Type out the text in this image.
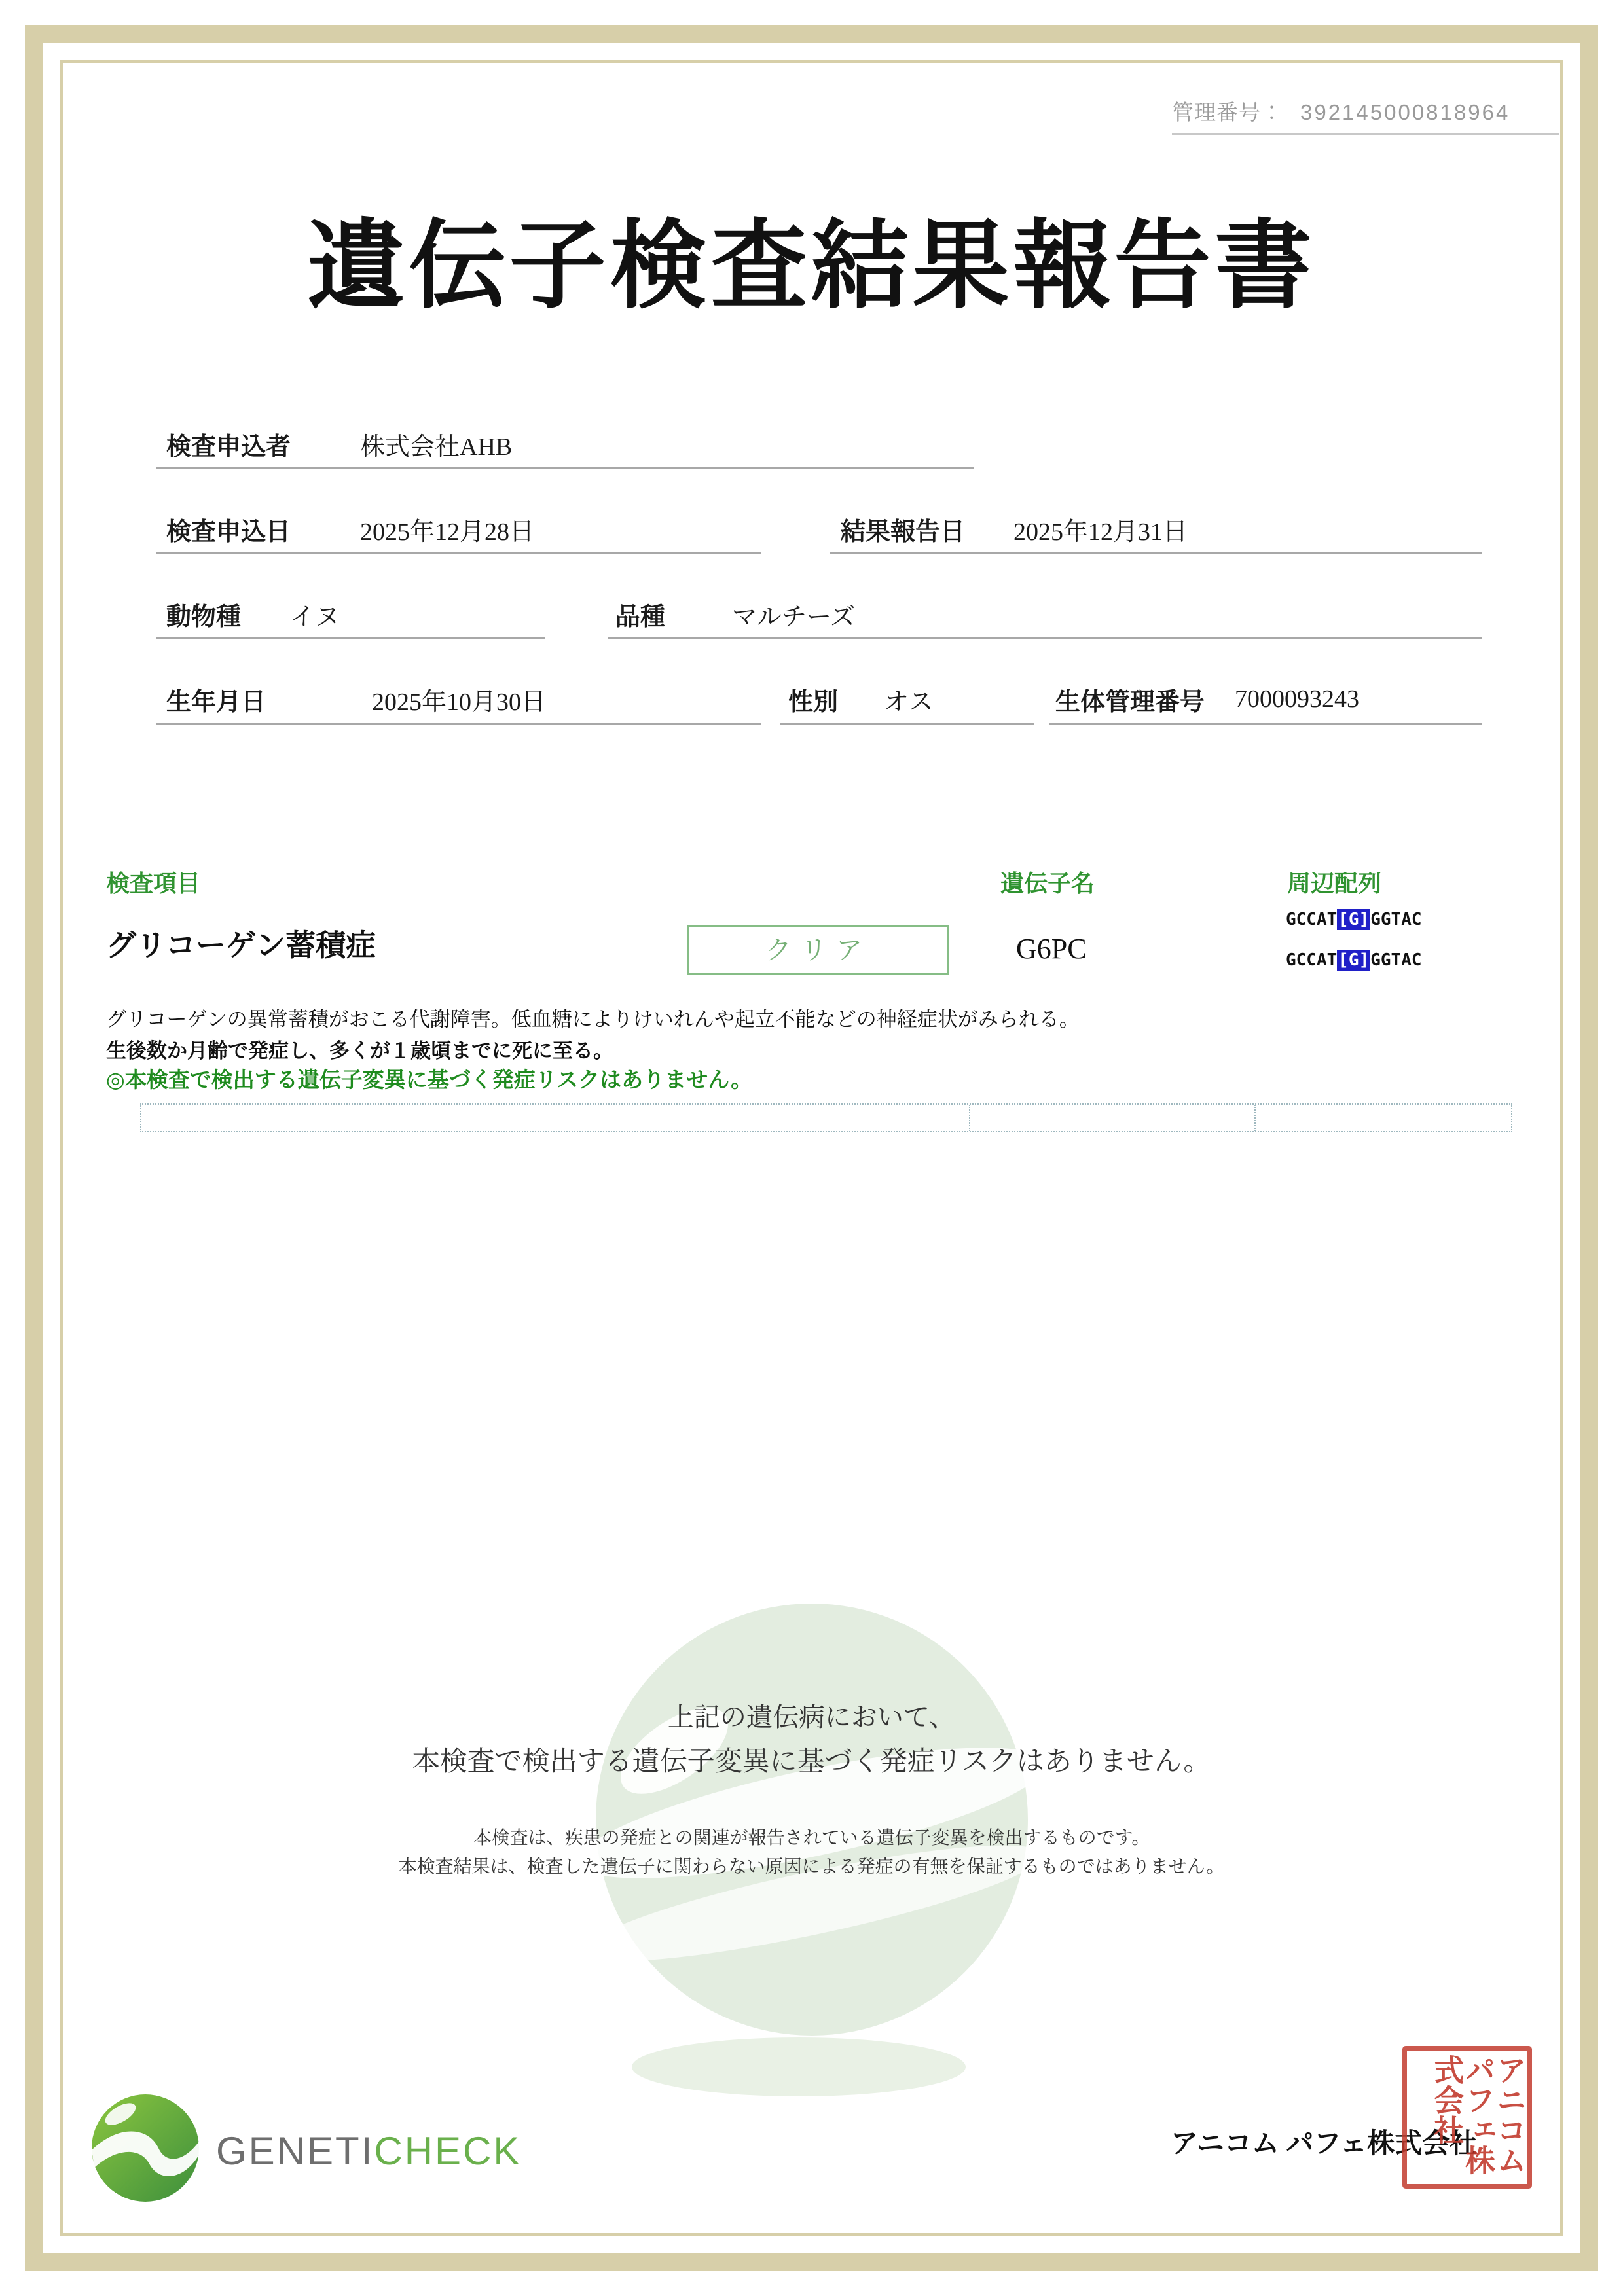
管理番号： 392145000818964
遺伝子検査結果報告書
検査申込者	株式会社AHB
検査申込日	2025年12月28日	結果報告日 2025年12月31日
動物種 イヌ	品種	マルチーズ
生年月日	2025年10月30日	性別 オス	生体管理番号 7000093243
検査項目	遺伝子名	周辺配列
グリコーゲン蓄積症	クリア	G6PC
GCCAT[G]GGTAC
GCCAT[G]GGTAC
グリコーゲンの異常蓄積がおこる代謝障害。低血糖によりけいれんや起立不能などの神経症状がみられる。
生後数か月齢で発症し、多くが１歳頃までに死に至る。
◎本検査で検出する遺伝子変異に基づく発症リスクはありません。
上記の遺伝病において、
本検査で検出する遺伝子変異に基づく発症リスクはありません。
本検査は、疾患の発症との関連が報告されている遺伝子変異を検出するものです。
本検査結果は、検査した遺伝子に関わらない原因による発症の有無を保証するものではありません。
GENETICHECK	アニコム パフェ株式会社 アニコムパフェ株式会社
